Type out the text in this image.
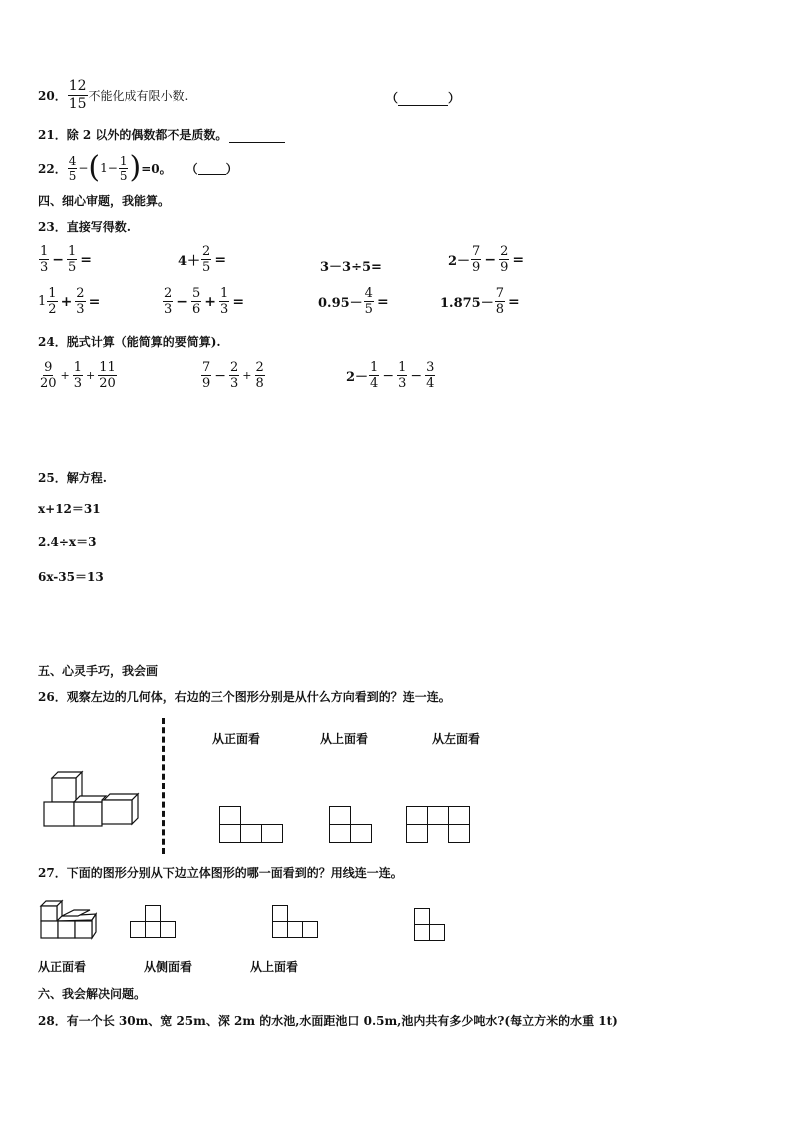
20． $\frac{12}{15}$ 不能化成有限小数.	（	）
21．除 2 以外的偶数都不是质数。
22． $\frac{4}{5}$ − ( $1 - \frac{1}{5}$ ) =0。 （ ）
四、细心审题，我能算。
23．直接写得数.
$\frac{1}{3} - \frac{1}{5}$ =	$4+ \frac{2}{5}$ =	3－3÷5=	$2- \frac{7}{9} - \frac{2}{9}$ =
$1 \frac{1}{2} + \frac{2}{3}$ =	$\frac{2}{3} - \frac{5}{6} + \frac{1}{3}$ =	$0.95- \frac{4}{5}$ =	$1.875- \frac{7}{8}$ =
24．脱式计算（能简算的要简算).
$\frac{9}{20} + \frac{1}{3} + \frac{11}{20}$	$\frac{7}{9} - \frac{2}{3} + \frac{2}{8}$	$2- \frac{1}{4} - \frac{1}{3} - \frac{3}{4}$
25．解方程.
x+12＝31
2.4÷x＝3
6x-35＝13
五、心灵手巧，我会画
26．观察左边的几何体，右边的三个图形分别是从什么方向看到的？连一连。
从正面看	从上面看	从左面看
27．下面的图形分别从下边立体图形的哪一面看到的？用线连一连。
从正面看	从侧面看	从上面看
六、我会解决问题。
28．有一个长 30m、宽 25m、深 2m 的水池,水面距池口 0.5m,池内共有多少吨水?(每立方米的水重 1t)
